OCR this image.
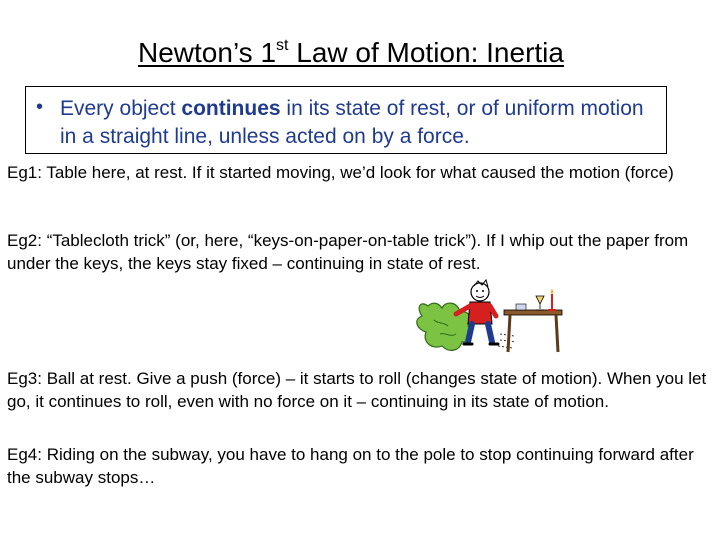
Newton’s 1st Law of Motion: Inertia
• Every object continues in its state of rest, or of uniform motion in a straight line, unless acted on by a force.
Eg1: Table here, at rest. If it started moving, we’d look for what caused the motion (force)
Eg2: “Tablecloth trick” (or, here, “keys-on-paper-on-table trick”). If I whip out the paper from under the keys, the keys stay fixed – continuing in state of rest.
Eg3: Ball at rest. Give a push (force) – it starts to roll (changes state of motion). When you let go, it continues to roll, even with no force on it – continuing in its state of motion.
Eg4: Riding on the subway, you have to hang on to the pole to stop continuing forward after the subway stops…
